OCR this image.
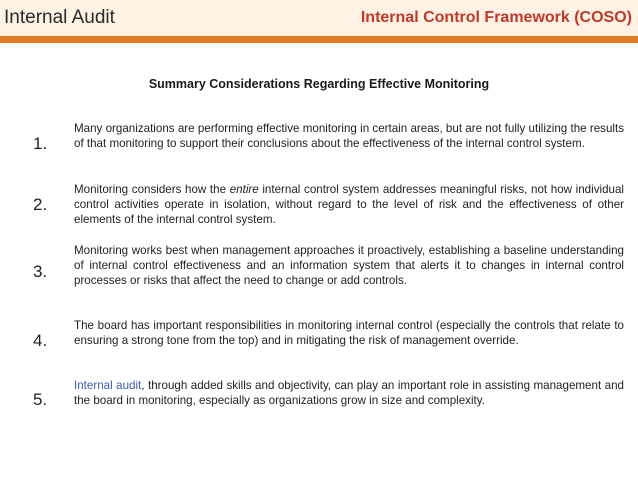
Internal Audit	Internal Control Framework (COSO)
Summary Considerations Regarding Effective Monitoring
1.
Many organizations are performing effective monitoring in certain areas, but are not fully utilizing the results of that monitoring to support their conclusions about the effectiveness of the internal control system.
2.
Monitoring considers how the entire internal control system addresses meaningful risks, not how individual control activities operate in isolation, without regard to the level of risk and the effectiveness of other elements of the internal control system.
3.
Monitoring works best when management approaches it proactively, establishing a baseline understanding of internal control effectiveness and an information system that alerts it to changes in internal control processes or risks that affect the need to change or add controls.
4.
The board has important responsibilities in monitoring internal control (especially the controls that relate to ensuring a strong tone from the top) and in mitigating the risk of management override.
5.
Internal audit, through added skills and objectivity, can play an important role in assisting management and the board in monitoring, especially as organizations grow in size and complexity.
